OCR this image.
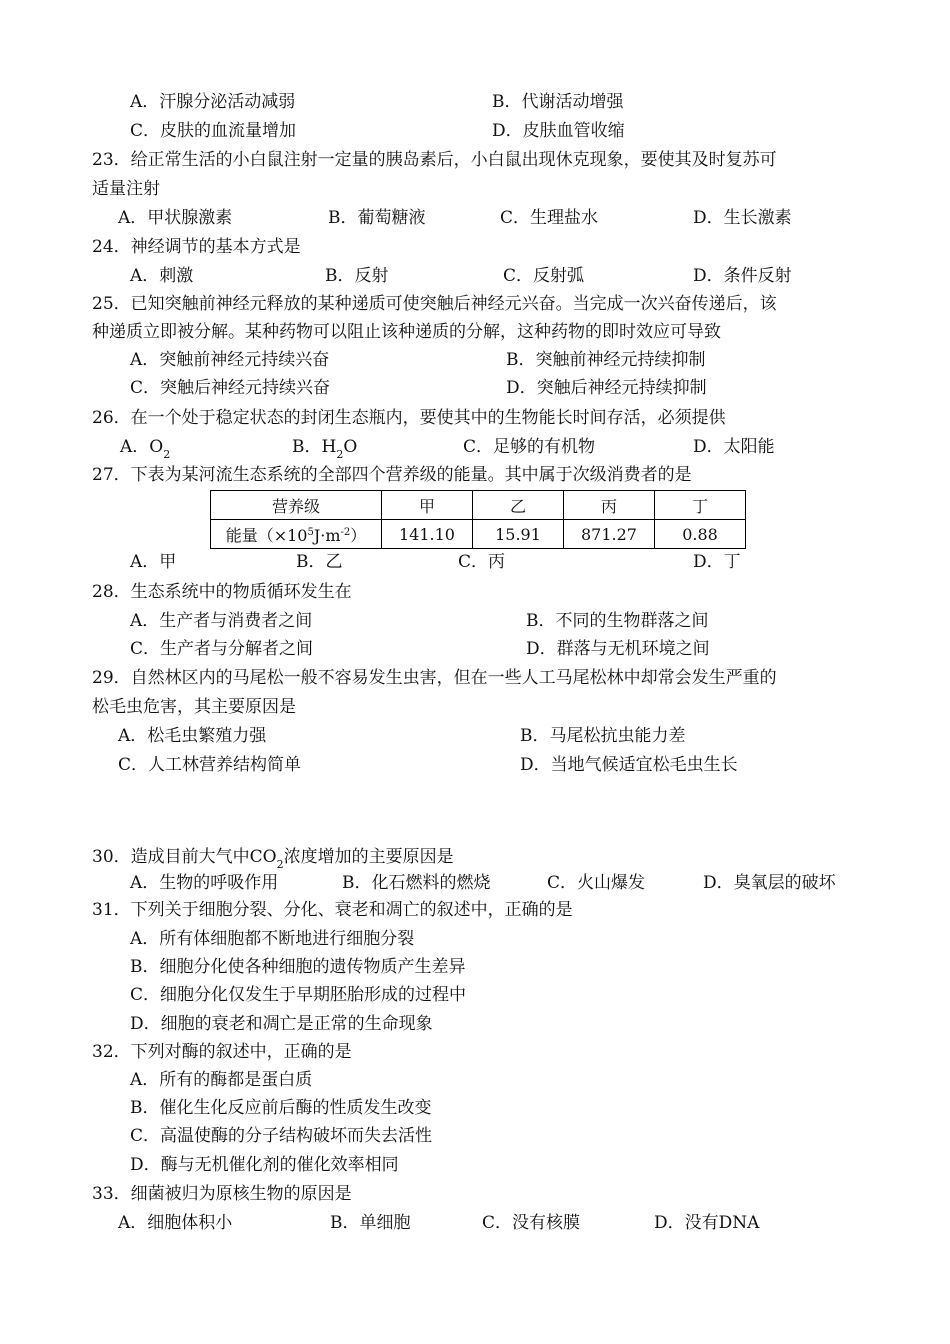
A．汗腺分泌活动减弱	B．代谢活动增强
C．皮肤的血流量增加	D．皮肤血管收缩
23．给正常生活的小白鼠注射一定量的胰岛素后，小白鼠出现休克现象，要使其及时复苏可
适量注射
A．甲状腺激素	B．葡萄糖液	C．生理盐水	D．生长激素
24．神经调节的基本方式是
A．刺激	B．反射	C．反射弧	D．条件反射
25．已知突触前神经元释放的某种递质可使突触后神经元兴奋。当完成一次兴奋传递后，该
种递质立即被分解。某种药物可以阻止该种递质的分解，这种药物的即时效应可导致
A．突触前神经元持续兴奋	B．突触前神经元持续抑制
C．突触后神经元持续兴奋	D．突触后神经元持续抑制
26．在一个处于稳定状态的封闭生态瓶内，要使其中的生物能长时间存活，必须提供
A．$O_2$	B．$H_2O$	C．足够的有机物	D．太阳能
27．下表为某河流生态系统的全部四个营养级的能量。其中属于次级消费者的是
营养级	甲	乙	丙	丁
能量$(\times 10^5J\cdot m^{-2})$	141.10	15.91	871.27	0.88
A．甲	B．乙	C．丙	D．丁
28．生态系统中的物质循环发生在
A．生产者与消费者之间	B．不同的生物群落之间
C．生产者与分解者之间	D．群落与无机环境之间
29．自然林区内的马尾松一般不容易发生虫害，但在一些人工马尾松林中却常会发生严重的
松毛虫危害，其主要原因是
A．松毛虫繁殖力强	B．马尾松抗虫能力差
C．人工林营养结构简单	D．当地气候适宜松毛虫生长
30．造成目前大气中$CO_2$浓度增加的主要原因是
A．生物的呼吸作用	B．化石燃料的燃烧	C．火山爆发	D．臭氧层的破坏
31．下列关于细胞分裂、分化、衰老和凋亡的叙述中，正确的是
A．所有体细胞都不断地进行细胞分裂
B．细胞分化使各种细胞的遗传物质产生差异
C．细胞分化仅发生于早期胚胎形成的过程中
D．细胞的衰老和凋亡是正常的生命现象
32．下列对酶的叙述中，正确的是
A．所有的酶都是蛋白质
B．催化生化反应前后酶的性质发生改变
C．高温使酶的分子结构破坏而失去活性
D．酶与无机催化剂的催化效率相同
33．细菌被归为原核生物的原因是
A．细胞体积小	B．单细胞	C．没有核膜	D．没有DNA
